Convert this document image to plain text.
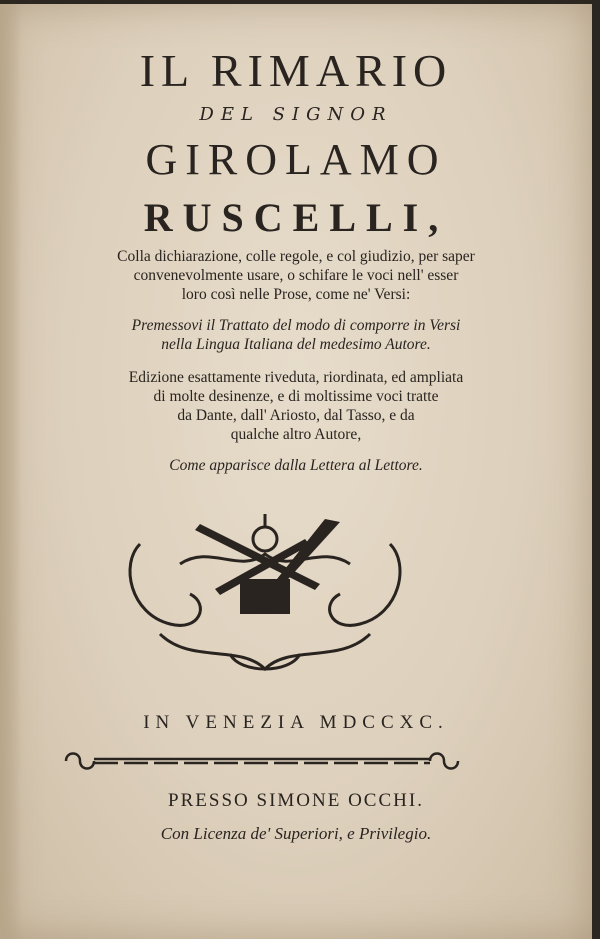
IL RIMARIO
DEL SIGNOR
GIROLAMO
RUSCELLI,
Colla dichiarazione, colle regole, e col giudizio, per saper
convenevolmente usare, o schifare le voci nell' esser
loro così nelle Prose, come ne' Versi:
Premessovi il Trattato del modo di comporre in Versi
nella Lingua Italiana del medesimo Autore.
Edizione esattamente riveduta, riordinata, ed ampliata
di molte desinenze, e di moltissime voci tratte
da Dante, dall' Ariosto, dal Tasso, e da
qualche altro Autore,
Come apparisce dalla Lettera al Lettore.
IN VENEZIA MDCCXC.
PRESSO SIMONE OCCHI.
Con Licenza de' Superiori, e Privilegio.
